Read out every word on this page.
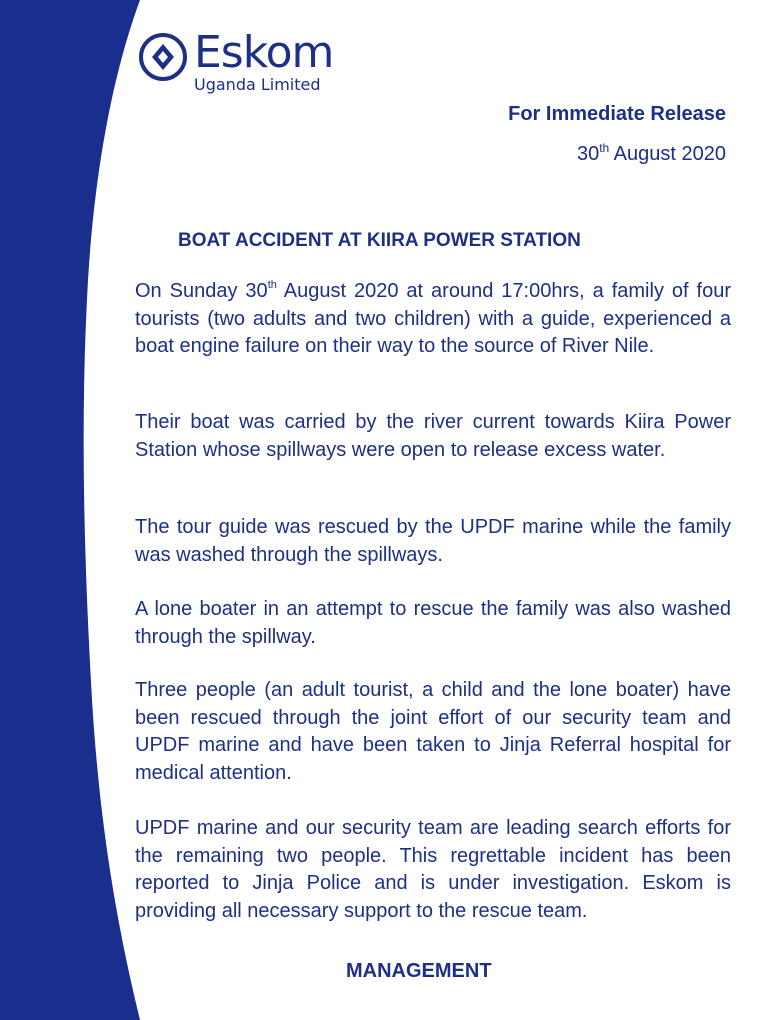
Eskom
Uganda Limited
For Immediate Release
30th August 2020
BOAT ACCIDENT AT KIIRA POWER STATION

On Sunday 30th August 2020 at around 17:00hrs, a family of four tourists (two adults and two children) with a guide, experienced a boat engine failure on their way to the source of River Nile.

Their boat was carried by the river current towards Kiira Power Station whose spillways were open to release excess water.

The tour guide was rescued by the UPDF marine while the family was washed through the spillways.

A lone boater in an attempt to rescue the family was also washed through the spillway.

Three people (an adult tourist, a child and the lone boater) have been rescued through the joint effort of our security team and UPDF marine and have been taken to Jinja Referral hospital for medical attention.

UPDF marine and our security team are leading search efforts for the remaining two people. This regrettable incident has been reported to Jinja Police and is under investigation. Eskom is providing all necessary support to the rescue team.

MANAGEMENT
